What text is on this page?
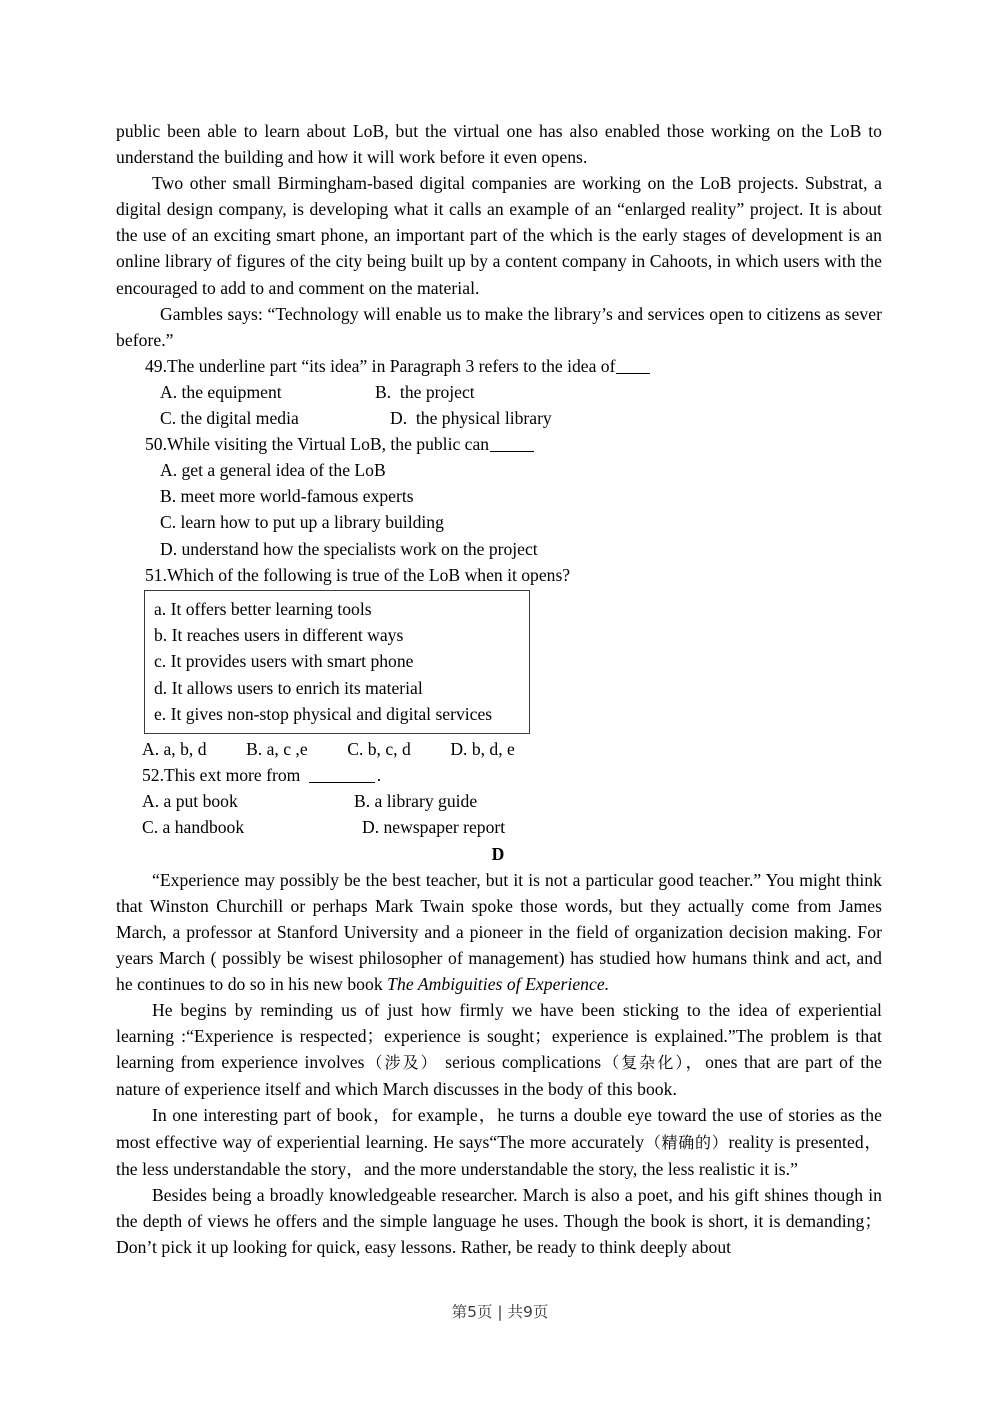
public been able to learn about LoB, but the virtual one has also enabled those working on the LoB to understand the building and how it will work before it even opens.

Two other small Birmingham-based digital companies are working on the LoB projects. Substrat, a digital design company, is developing what it calls an example of an “enlarged reality” project. It is about the use of an exciting smart phone, an important part of the which is the early stages of development is an online library of figures of the city being built up by a content company in Cahoots, in which users with the encouraged to add to and comment on the material.

Gambles says: “Technology will enable us to make the library’s and services open to citizens as sever before.”

49.The underline part “its idea” in Paragraph 3 refers to the idea of

A. the equipment	B.  the project

C. the digital media	D.  the physical library

50.While visiting the Virtual LoB, the public can

A. get a general idea of the LoB

B. meet more world-famous experts

C. learn how to put up a library building

D. understand how the specialists work on the project

51.Which of the following is true of the LoB when it opens?

a. It offers better learning tools
b. It reaches users in different ways
c. It provides users with smart phone
d. It allows users to enrich its material
e. It gives non-stop physical and digital services

A. a, b, d         B. a, c ,e         C. b, c, d         D. b, d, e

52.This ext more from	.

A. a put book	B. a library guide

C. a handbook	D. newspaper report

D

“Experience may possibly be the best teacher, but it is not a particular good teacher.” You might think that Winston Churchill or perhaps Mark Twain spoke those words, but they actually come from James March, a professor at Stanford University and a pioneer in the field of organization decision making. For years March ( possibly be wisest philosopher of management) has studied how humans think and act, and he continues to do so in his new book The Ambiguities of Experience.

He begins by reminding us of just how firmly we have been sticking to the idea of experiential learning :“Experience is respected；experience is sought；experience is explained.”The problem is that learning from experience involves（涉及） serious complications（复杂化），ones that are part of the nature of experience itself and which March discusses in the body of this book.

In one interesting part of book，for example，he turns a double eye toward the use of stories as the most effective way of experiential learning. He says“The more accurately（精确的）reality is presented，the less understandable the story，and the more understandable the story, the less realistic it is.”

Besides being a broadly knowledgeable researcher. March is also a poet, and his gift shines though in the depth of views he offers and the simple language he uses. Though the book is short, it is demanding；Don’t pick it up looking for quick, easy lessons. Rather, be ready to think deeply about

第5页 | 共9页
